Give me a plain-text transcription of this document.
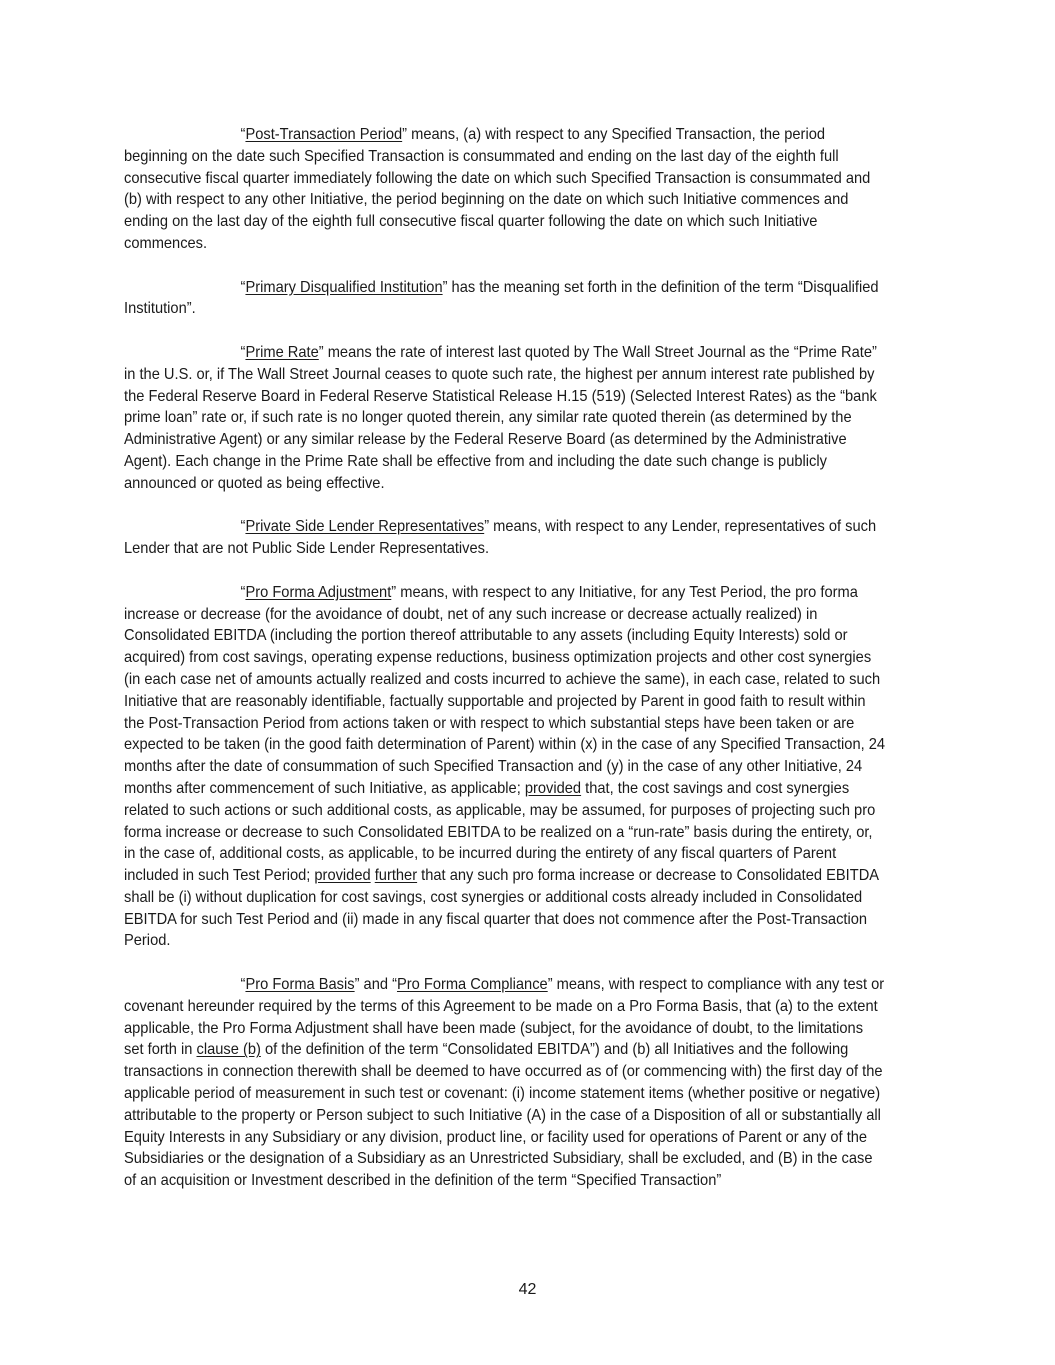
“Post-Transaction Period” means, (a) with respect to any Specified Transaction, the period beginning on the date such Specified Transaction is consummated and ending on the last day of the eighth full consecutive fiscal quarter immediately following the date on which such Specified Transaction is consummated and (b) with respect to any other Initiative, the period beginning on the date on which such Initiative commences and ending on the last day of the eighth full consecutive fiscal quarter following the date on which such Initiative commences.

“Primary Disqualified Institution” has the meaning set forth in the definition of the term “Disqualified Institution”.

“Prime Rate” means the rate of interest last quoted by The Wall Street Journal as the “Prime Rate” in the U.S. or, if The Wall Street Journal ceases to quote such rate, the highest per annum interest rate published by the Federal Reserve Board in Federal Reserve Statistical Release H.15 (519) (Selected Interest Rates) as the “bank prime loan” rate or, if such rate is no longer quoted therein, any similar rate quoted therein (as determined by the Administrative Agent) or any similar release by the Federal Reserve Board (as determined by the Administrative Agent). Each change in the Prime Rate shall be effective from and including the date such change is publicly announced or quoted as being effective.

“Private Side Lender Representatives” means, with respect to any Lender, representatives of such Lender that are not Public Side Lender Representatives.

“Pro Forma Adjustment” means, with respect to any Initiative, for any Test Period, the pro forma increase or decrease (for the avoidance of doubt, net of any such increase or decrease actually realized) in Consolidated EBITDA (including the portion thereof attributable to any assets (including Equity Interests) sold or acquired) from cost savings, operating expense reductions, business optimization projects and other cost synergies (in each case net of amounts actually realized and costs incurred to achieve the same), in each case, related to such Initiative that are reasonably identifiable, factually supportable and projected by Parent in good faith to result within the Post-Transaction Period from actions taken or with respect to which substantial steps have been taken or are expected to be taken (in the good faith determination of Parent) within (x) in the case of any Specified Transaction, 24 months after the date of consummation of such Specified Transaction and (y) in the case of any other Initiative, 24 months after commencement of such Initiative, as applicable; provided that, the cost savings and cost synergies related to such actions or such additional costs, as applicable, may be assumed, for purposes of projecting such pro forma increase or decrease to such Consolidated EBITDA to be realized on a “run-rate” basis during the entirety, or, in the case of, additional costs, as applicable, to be incurred during the entirety of any fiscal quarters of Parent included in such Test Period; provided further that any such pro forma increase or decrease to Consolidated EBITDA shall be (i) without duplication for cost savings, cost synergies or additional costs already included in Consolidated EBITDA for such Test Period and (ii) made in any fiscal quarter that does not commence after the Post-Transaction Period.

“Pro Forma Basis” and “Pro Forma Compliance” means, with respect to compliance with any test or covenant hereunder required by the terms of this Agreement to be made on a Pro Forma Basis, that (a) to the extent applicable, the Pro Forma Adjustment shall have been made (subject, for the avoidance of doubt, to the limitations set forth in clause (b) of the definition of the term “Consolidated EBITDA”) and (b) all Initiatives and the following transactions in connection therewith shall be deemed to have occurred as of (or commencing with) the first day of the applicable period of measurement in such test or covenant: (i) income statement items (whether positive or negative) attributable to the property or Person subject to such Initiative (A) in the case of a Disposition of all or substantially all Equity Interests in any Subsidiary or any division, product line, or facility used for operations of Parent or any of the Subsidiaries or the designation of a Subsidiary as an Unrestricted Subsidiary, shall be excluded, and (B) in the case of an acquisition or Investment described in the definition of the term “Specified Transaction”

42
